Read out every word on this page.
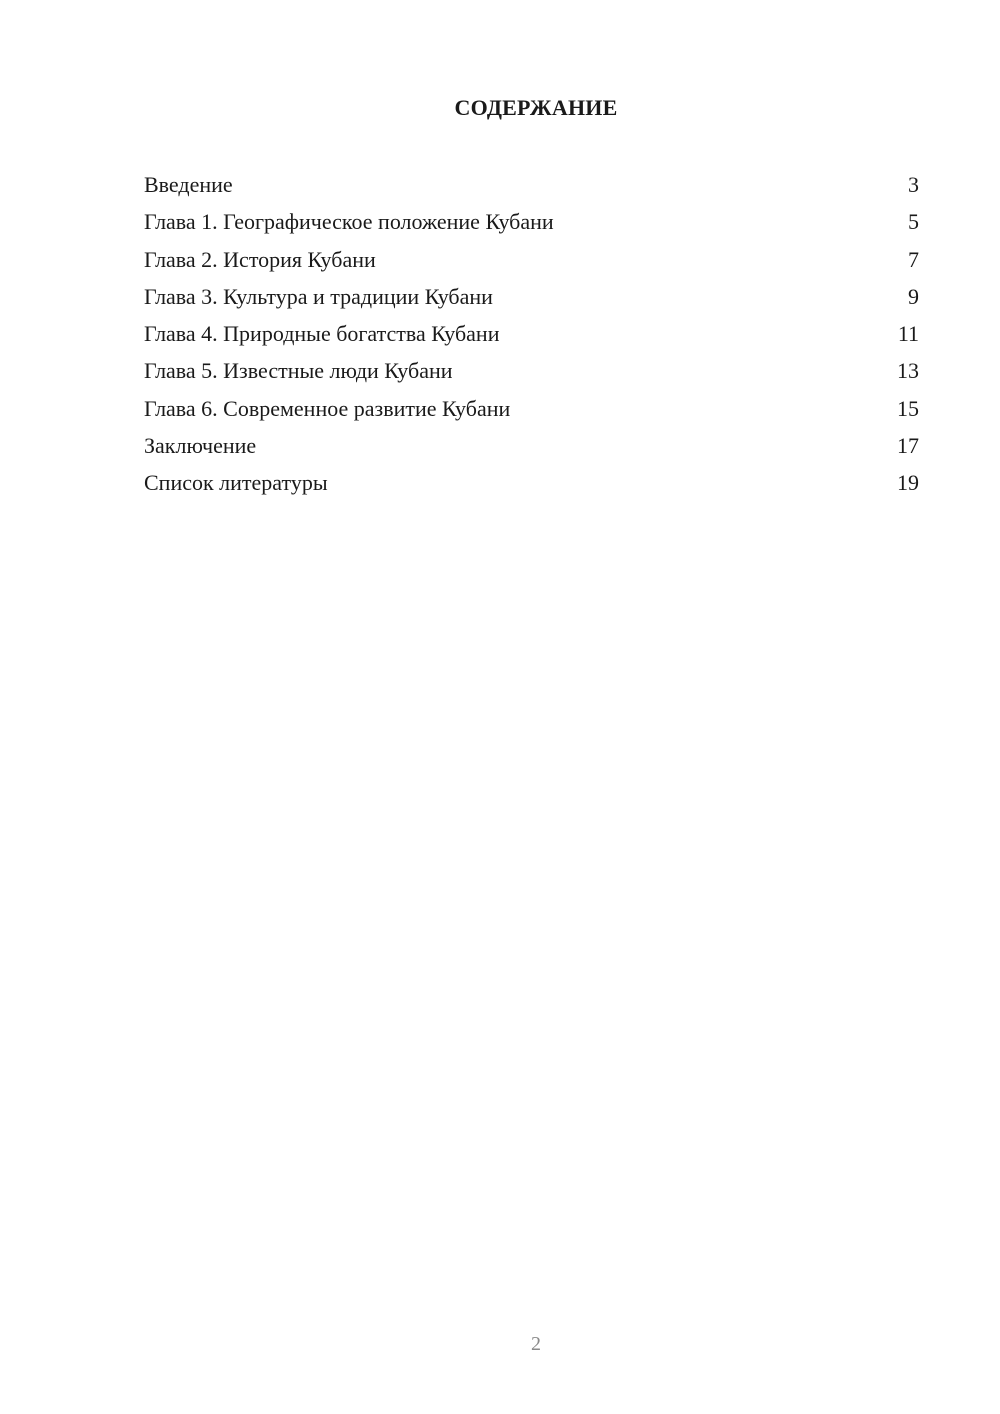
СОДЕРЖАНИЕ
Введение	3
Глава 1. Географическое положение Кубани	5
Глава 2. История Кубани	7
Глава 3. Культура и традиции Кубани	9
Глава 4. Природные богатства Кубани	11
Глава 5. Известные люди Кубани	13
Глава 6. Современное развитие Кубани	15
Заключение	17
Список литературы	19
2
